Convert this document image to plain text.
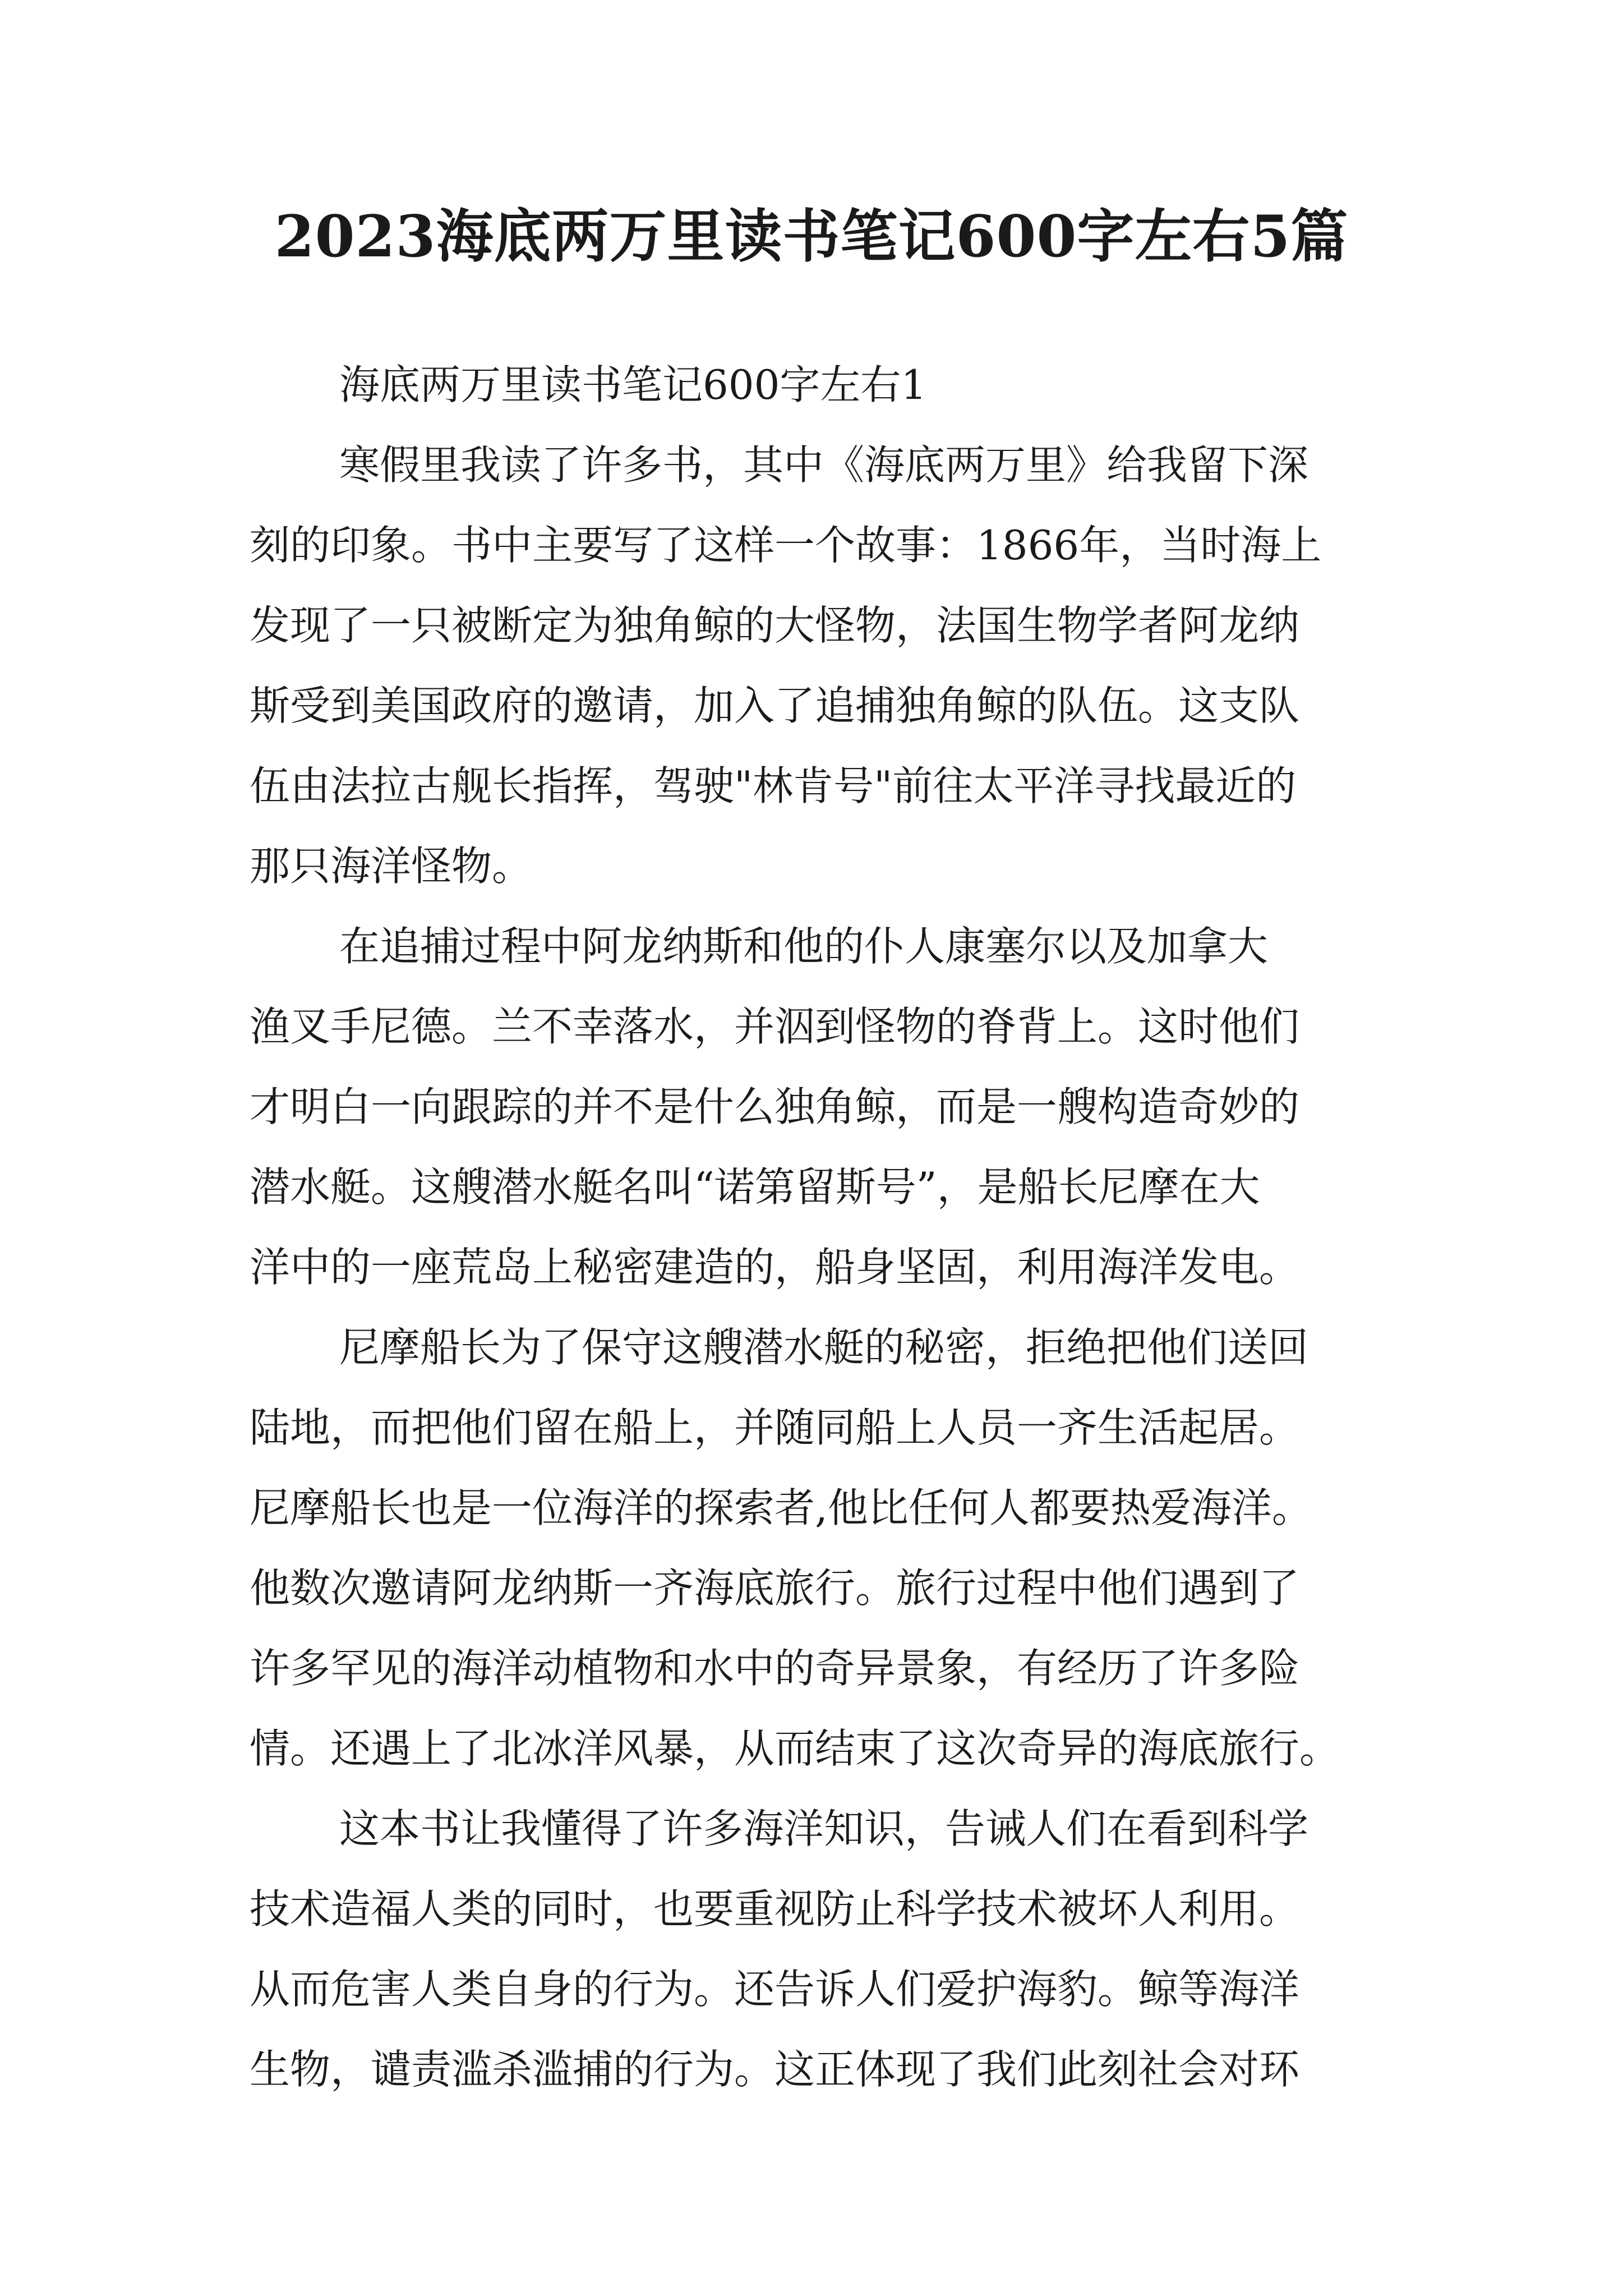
2023海底两万里读书笔记600字左右5篇
海底两万里读书笔记600字左右1
寒假里我读了许多书，其中《海底两万里》给我留下深
刻的印象。书中主要写了这样一个故事：1866年，当时海上
发现了一只被断定为独角鲸的大怪物，法国生物学者阿龙纳
斯受到美国政府的邀请，加入了追捕独角鲸的队伍。这支队
伍由法拉古舰长指挥，驾驶"林肯号"前往太平洋寻找最近的
那只海洋怪物。
在追捕过程中阿龙纳斯和他的仆人康塞尔以及加拿大
渔叉手尼德。兰不幸落水，并泅到怪物的脊背上。这时他们
才明白一向跟踪的并不是什么独角鲸，而是一艘构造奇妙的
潜水艇。这艘潜水艇名叫“诺第留斯号”，是船长尼摩在大
洋中的一座荒岛上秘密建造的，船身坚固，利用海洋发电。
尼摩船长为了保守这艘潜水艇的秘密，拒绝把他们送回
陆地，而把他们留在船上，并随同船上人员一齐生活起居。
尼摩船长也是一位海洋的探索者,他比任何人都要热爱海洋。
他数次邀请阿龙纳斯一齐海底旅行。旅行过程中他们遇到了
许多罕见的海洋动植物和水中的奇异景象，有经历了许多险
情。还遇上了北冰洋风暴，从而结束了这次奇异的海底旅行。
这本书让我懂得了许多海洋知识，告诫人们在看到科学
技术造福人类的同时，也要重视防止科学技术被坏人利用。
从而危害人类自身的行为。还告诉人们爱护海豹。鲸等海洋
生物，谴责滥杀滥捕的行为。这正体现了我们此刻社会对环
